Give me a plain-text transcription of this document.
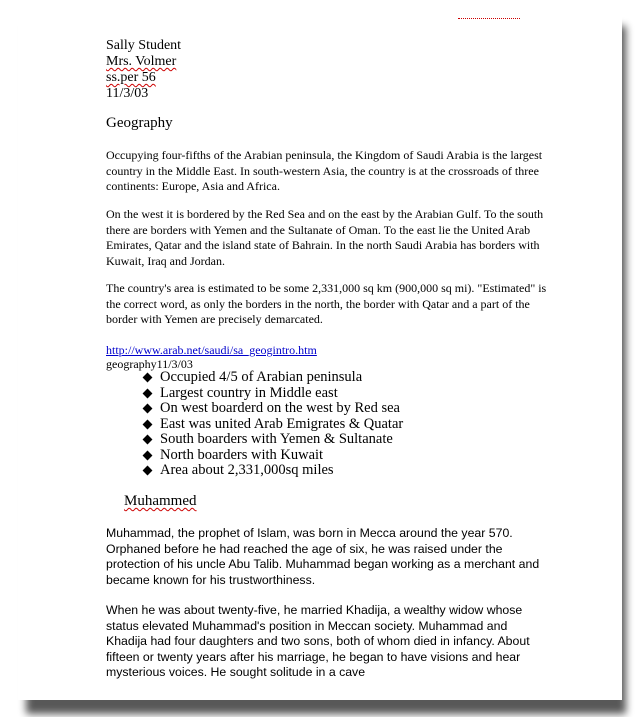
Sally Student
Mrs. Volmer
ss.per 56
11/3/03
Geography

Occupying four-fifths of the Arabian peninsula, the Kingdom of Saudi Arabia is the largest country in the Middle East. In south-western Asia, the country is at the crossroads of three continents: Europe, Asia and Africa.

On the west it is bordered by the Red Sea and on the east by the Arabian Gulf. To the south there are borders with Yemen and the Sultanate of Oman. To the east lie the United Arab Emirates, Qatar and the island state of Bahrain. In the north Saudi Arabia has borders with Kuwait, Iraq and Jordan.

The country's area is estimated to be some 2,331,000 sq km (900,000 sq mi). "Estimated" is the correct word, as only the borders in the north, the border with Qatar and a part of the border with Yemen are precisely demarcated.

http://www.arab.net/saudi/sa_geogintro.htm
geography11/3/03
Occupied 4/5 of Arabian peninsula
Largest country in Middle east
On west boarderd on the west by Red sea
East was united Arab Emigrates & Quatar
South boarders with Yemen & Sultanate
North boarders with Kuwait
Area about 2,331,000sq miles
Muhammed

Muhammad, the prophet of Islam, was born in Mecca around the year 570. Orphaned before he had reached the age of six, he was raised under the protection of his uncle Abu Talib. Muhammad began working as a merchant and became known for his trustworthiness.

When he was about twenty-five, he married Khadija, a wealthy widow whose status elevated Muhammad's position in Meccan society. Muhammad and Khadija had four daughters and two sons, both of whom died in infancy. About fifteen or twenty years after his marriage, he began to have visions and hear mysterious voices. He sought solitude in a cave
